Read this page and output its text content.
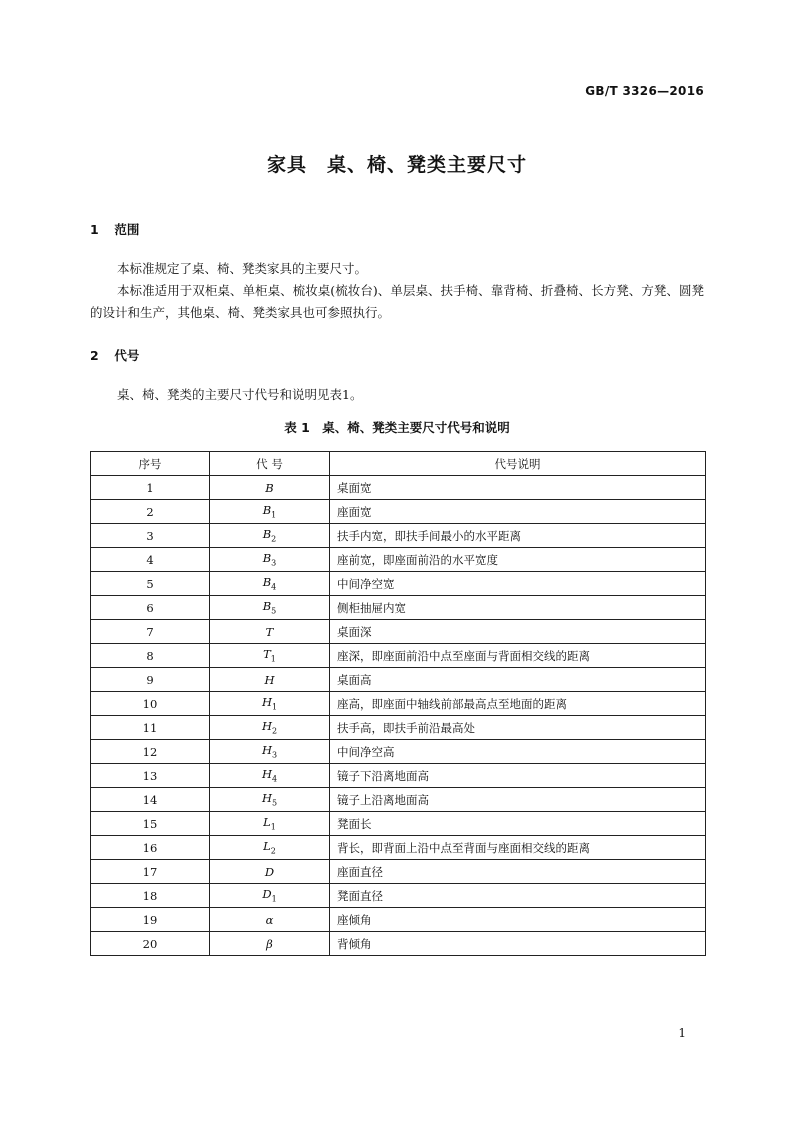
GB/T 3326—2016
家具　桌、椅、凳类主要尺寸
1 范围
本标准规定了桌、椅、凳类家具的主要尺寸。
本标准适用于双柜桌、单柜桌、梳妆桌(梳妆台)、单层桌、扶手椅、靠背椅、折叠椅、长方凳、方凳、圆凳的设计和生产，其他桌、椅、凳类家具也可参照执行。
2 代号
桌、椅、凳类的主要尺寸代号和说明见表1。
表 1　桌、椅、凳类主要尺寸代号和说明
序号	代 号	代号说明
1	B	桌面宽
2	$B_1$	座面宽
3	$B_2$	扶手内宽，即扶手间最小的水平距离
4	$B_3$	座前宽，即座面前沿的水平宽度
5	$B_4$	中间净空宽
6	$B_5$	侧柜抽屉内宽
7	T	桌面深
8	$T_1$	座深，即座面前沿中点至座面与背面相交线的距离
9	H	桌面高
10	$H_1$	座高，即座面中轴线前部最高点至地面的距离
11	$H_2$	扶手高，即扶手前沿最高处
12	$H_3$	中间净空高
13	$H_4$	镜子下沿离地面高
14	$H_5$	镜子上沿离地面高
15	$L_1$	凳面长
16	$L_2$	背长，即背面上沿中点至背面与座面相交线的距离
17	D	座面直径
18	$D_1$	凳面直径
19	α	座倾角
20	β	背倾角
1
